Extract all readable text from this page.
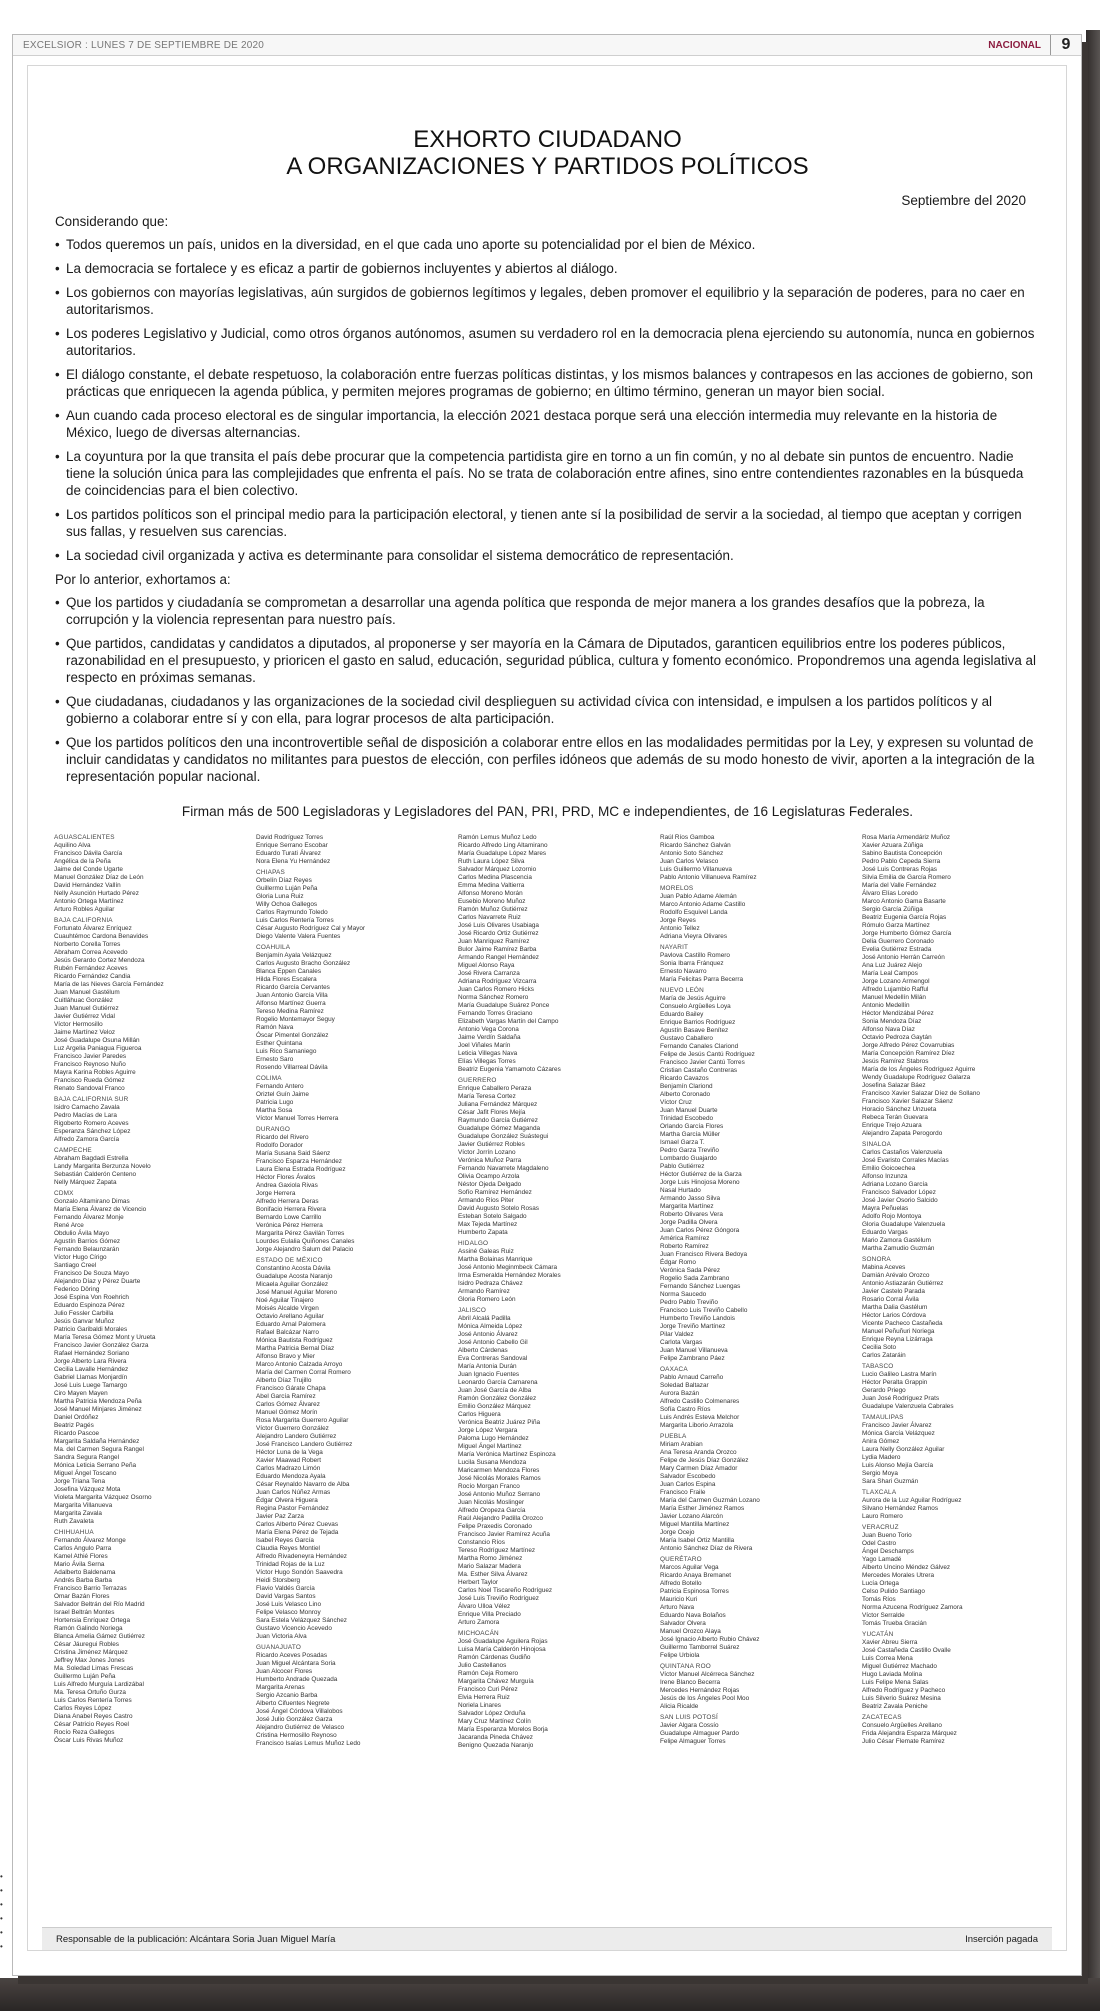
•
•
•
•
•
•
EXCELSIOR : LUNES 7 DE SEPTIEMBRE DE 2020	NACIONAL	9
EXHORTO CIUDADANO
A ORGANIZACIONES Y PARTIDOS POLÍTICOS
Septiembre del 2020

Considerando que:

• Todos queremos un país, unidos en la diversidad, en el que cada uno aporte su potencialidad por el bien de México.
• La democracia se fortalece y es eficaz a partir de gobiernos incluyentes y abiertos al diálogo.
• Los gobiernos con mayorías legislativas, aún surgidos de gobiernos legítimos y legales, deben promover el equilibrio y la separación de poderes, para no caer en autoritarismos.
• Los poderes Legislativo y Judicial, como otros órganos autónomos, asumen su verdadero rol en la democracia plena ejerciendo su autonomía, nunca en gobiernos autoritarios.
• El diálogo constante, el debate respetuoso, la colaboración entre fuerzas políticas distintas, y los mismos balances y contrapesos en las acciones de gobierno, son prácticas que enriquecen la agenda pública, y permiten mejores programas de gobierno; en último término, generan un mayor bien social.
• Aun cuando cada proceso electoral es de singular importancia, la elección 2021 destaca porque será una elección intermedia muy relevante en la historia de México, luego de diversas alternancias.
• La coyuntura por la que transita el país debe procurar que la competencia partidista gire en torno a un fin común, y no al debate sin puntos de encuentro. Nadie tiene la solución única para las complejidades que enfrenta el país. No se trata de colaboración entre afines, sino entre contendientes razonables en la búsqueda de coincidencias para el bien colectivo.
• Los partidos políticos son el principal medio para la participación electoral, y tienen ante sí la posibilidad de servir a la sociedad, al tiempo que aceptan y corrigen sus fallas, y resuelven sus carencias.
• La sociedad civil organizada y activa es determinante para consolidar el sistema democrático de representación.

Por lo anterior, exhortamos a:

• Que los partidos y ciudadanía se comprometan a desarrollar una agenda política que responda de mejor manera a los grandes desafíos que la pobreza, la corrupción y la violencia representan para nuestro país.
• Que partidos, candidatas y candidatos a diputados, al proponerse y ser mayoría en la Cámara de Diputados, garanticen equilibrios entre los poderes públicos, razonabilidad en el presupuesto, y prioricen el gasto en salud, educación, seguridad pública, cultura y fomento económico. Propondremos una agenda legislativa al respecto en próximas semanas.
• Que ciudadanas, ciudadanos y las organizaciones de la sociedad civil desplieguen su actividad cívica con intensidad, e impulsen a los partidos políticos y al gobierno a colaborar entre sí y con ella, para lograr procesos de alta participación.
• Que los partidos políticos den una incontrovertible señal de disposición a colaborar entre ellos en las modalidades permitidas por la Ley, y expresen su voluntad de incluir candidatas y candidatos no militantes para puestos de elección, con perfiles idóneos que además de su modo honesto de vivir, aporten a la integración de la representación popular nacional.
Firman más de 500 Legisladoras y Legisladores del PAN, PRI, PRD, MC e independientes, de 16 Legislaturas Federales.
AGUASCALIENTES
Aquilino Alva
Francisco Dávila García
Angélica de la Peña
Jaime del Conde Ugarte
Manuel González Díaz de León
David Hernández Vallín
Nelly Asunción Hurtado Pérez
Antonio Ortega Martínez
Arturo Robles Aguilar
BAJA CALIFORNIA
Fortunato Álvarez Enríquez
Cuauhtémoc Cardona Benavides
Norberto Corella Torres
Abraham Correa Acevedo
Jesús Gerardo Cortez Mendoza
Rubén Fernández Aceves
Ricardo Fernández Candia
María de las Nieves García Fernández
Juan Manuel Gastélum
Cuitláhuac González
Juan Manuel Gutiérrez
Javier Gutiérrez Vidal
Víctor Hermosillo
Jaime Martínez Veloz
José Guadalupe Osuna Millán
Luz Argelia Paniagua Figueroa
Francisco Javier Paredes
Francisco Reynoso Nuño
Mayra Karina Robles Aguirre
Francisco Rueda Gómez
Renato Sandoval Franco
BAJA CALIFORNIA SUR
Isidro Camacho Zavala
Pedro Macías de Lara
Rigoberto Romero Aceves
Esperanza Sánchez López
Alfredo Zamora García
CAMPECHE
Abraham Bagdadi Estrella
Landy Margarita Berzunza Novelo
Sebastián Calderón Centeno
Nelly Márquez Zapata
CDMX
Gonzalo Altamirano Dimas
María Elena Álvarez de Vicencio
Fernando Álvarez Monje
René Arce
Obdulio Ávila Mayo
Agustín Barrios Gómez
Fernando Belaunzarán
Víctor Hugo Círigo
Santiago Creel
Francisco De Souza Mayo
Alejandro Díaz y Pérez Duarte
Federico Döring
José Espina Von Roehrich
Eduardo Espinoza Pérez
Julio Fessler Carbilla
Jesús Ganvar Muñoz
Patricio Garibaldi Morales
María Teresa Gómez Mont y Urueta
Francisco Javier González Garza
Rafael Hernández Soriano
Jorge Alberto Lara Rivera
Cecilia Lavalle Hernández
Gabriel Llamas Monjardín
José Luis Luege Tamargo
Ciro Mayen Mayen
Martha Patricia Mendoza Peña
José Manuel Minjares Jiménez
Daniel Ordóñez
Beatriz Pagés
Ricardo Pascoe
Margarita Saldaña Hernández
Ma. del Carmen Segura Rangel
Sandra Segura Rangel
Mónica Leticia Serrano Peña
Miguel Ángel Toscano
Jorge Triana Tena
Josefina Vázquez Mota
Violeta Margarita Vázquez Osorno
Margarita Villanueva
Margarita Zavala
Ruth Zavaleta
CHIHUAHUA
Fernando Álvarez Monge
Carlos Angulo Parra
Kamel Athié Flores
Mario Ávila Serna
Adalberto Baldenama
Andrés Barba Barba
Francisco Barrio Terrazas
Omar Bazán Flores
Salvador Beltrán del Río Madrid
Israel Beltrán Montes
Hortensia Enríquez Ortega
Ramón Galindo Noriega
Blanca Amelia Gámez Gutiérrez
César Jáuregui Robles
Cristina Jiménez Márquez
Jeffrey Max Jones Jones
Ma. Soledad Limas Frescas
Guillermo Luján Peña
Luis Alfredo Murguía Lardizábal
Ma. Teresa Ortuño Gurza
Luis Carlos Rentería Torres
Carlos Reyes López
Diana Anabel Reyes Castro
César Patricio Reyes Roel
Rocío Reza Gallegos
Óscar Luis Rivas Muñoz
David Rodríguez Torres
Enrique Serrano Escobar
Eduardo Turati Álvarez
Nora Elena Yu Hernández
CHIAPAS
Orbelín Díaz Reyes
Guillermo Luján Peña
Gloria Luna Ruiz
Willy Ochoa Gallegos
Carlos Raymundo Toledo
Luis Carlos Rentería Torres
César Augusto Rodríguez Cal y Mayor
Diego Valente Valera Fuentes
COAHUILA
Benjamín Ayala Velázquez
Carlos Augusto Bracho González
Blanca Eppen Canales
Hilda Flores Escalera
Ricardo García Cervantes
Juan Antonio García Villa
Alfonso Martínez Guerra
Tereso Medina Ramírez
Rogelio Montemayor Seguy
Ramón Nava
Óscar Pimentel González
Esther Quintana
Luis Rico Samaniego
Ernesto Saro
Rosendo Villarreal Dávila
COLIMA
Fernando Antero
Oriztel Guín Jaime
Patricia Lugo
Martha Sosa
Víctor Manuel Torres Herrera
DURANGO
Ricardo del Rivero
Rodolfo Dorador
María Susana Said Sáenz
Francisco Esparza Hernández
Laura Elena Estrada Rodríguez
Héctor Flores Ávalos
Andrea Gaxiola Rivas
Jorge Herrera
Alfredo Herrera Deras
Bonifacio Herrera Rivera
Bernardo Lowe Carrillo
Verónica Pérez Herrera
Margarita Pérez Gavilán Torres
Lourdes Eulalia Quiñones Canales
Jorge Alejandro Salum del Palacio
ESTADO DE MÉXICO
Constantino Acosta Dávila
Guadalupe Acosta Naranjo
Micaela Aguilar González
José Manuel Aguilar Moreno
Noé Aguilar Tinajero
Moisés Alcalde Virgen
Octavio Arellano Aguilar
Eduardo Arnal Palomera
Rafael Balcázar Narro
Mónica Bautista Rodríguez
Martha Patricia Bernal Díaz
Alfonso Bravo y Mier
Marco Antonio Calzada Arroyo
María del Carmen Corral Romero
Alberto Díaz Trujillo
Francisco Gárate Chapa
Abel García Ramírez
Carlos Gómez Álvarez
Manuel Gómez Morín
Rosa Margarita Guerrero Aguilar
Víctor Guerrero González
Alejandro Landero Gutiérrez
José Francisco Landero Gutiérrez
Héctor Luna de la Vega
Xavier Maawad Robert
Carlos Madrazo Limón
Eduardo Mendoza Ayala
César Reynaldo Navarro de Alba
Juan Carlos Núñez Armas
Édgar Olvera Higuera
Regina Pastor Fernández
Javier Paz Zarza
Carlos Alberto Pérez Cuevas
María Elena Pérez de Tejada
Isabel Reyes García
Claudia Reyes Montiel
Alfredo Rivadeneyra Hernández
Trinidad Rojas de la Luz
Víctor Hugo Sondón Saavedra
Heidi Storsberg
Flavio Valdés García
David Vargas Santos
José Luis Velasco Lino
Felipe Velasco Monroy
Sara Estela Velázquez Sánchez
Gustavo Vicencio Acevedo
Juan Victoria Alva
GUANAJUATO
Ricardo Aceves Posadas
Juan Miguel Alcántara Soria
Juan Alcocer Flores
Humberto Andrade Quezada
Margarita Arenas
Sergio Azcanio Barba
Alberto Cifuentes Negrete
José Ángel Córdova Villalobos
José Julio González Garza
Alejandro Gutiérrez de Velasco
Cristina Hermosillo Reynoso
Francisco Isaías Lemus Muñoz Ledo
Ramón Lemus Muñoz Ledo
Ricardo Alfredo Ling Altamirano
María Guadalupe López Mares
Ruth Laura López Silva
Salvador Márquez Lozornio
Carlos Medina Plascencia
Emma Medina Valtierra
Alfonso Moreno Morán
Eusebio Moreno Muñoz
Ramón Muñoz Gutiérrez
Carlos Navarrete Ruiz
José Luis Olivares Usabiaga
José Ricardo Ortiz Gutiérrez
Juan Manriquez Ramírez
Bulor Jaime Ramírez Barba
Armando Rangel Hernández
Miguel Alonso Raya
José Rivera Carranza
Adriana Rodríguez Vizcarra
Juan Carlos Romero Hicks
Norma Sánchez Romero
María Guadalupe Suárez Ponce
Fernando Torres Graciano
Elizabeth Vargas Martín del Campo
Antonio Vega Corona
Jaime Verdín Saldaña
Joel Viñales Marín
Leticia Villegas Nava
Elías Villegas Torres
Beatriz Eugenia Yamamoto Cázares
GUERRERO
Enrique Caballero Peraza
María Teresa Cortez
Juliana Fernández Márquez
César Jafit Flores Mejía
Raymundo García Gutiérrez
Guadalupe Gómez Maganda
Guadalupe González Suástegui
Javier Gutiérrez Robles
Víctor Jorrín Lozano
Verónica Muñoz Parra
Fernando Navarrete Magdaleno
Olivia Ocampo Arzola
Néstor Ojeda Delgado
Sofío Ramírez Hernández
Armando Ríos Piter
David Augusto Sotelo Rosas
Esteban Sotelo Salgado
Max Tejeda Martínez
Humberto Zapata
HIDALGO
Assiné Galeas Ruiz
Martha Bolainas Manrique
José Antonio Meginmbeck Cámara
Irma Esmeralda Hernández Morales
Isidro Pedraza Chávez
Armando Ramírez
Gloria Romero León
JALISCO
Abril Alcalá Padilla
Mónica Almeida López
José Antonio Álvarez
José Antonio Cabello Gil
Alberto Cárdenas
Eva Contreras Sandoval
María Antonia Durán
Juan Ignacio Fuentes
Leonardo García Camarena
Juan José García de Alba
Ramón González González
Emilio González Márquez
Carlos Higuera
Verónica Beatriz Juárez Piña
Jorge López Vergara
Paloma Lugo Hernández
Miguel Ángel Martínez
María Verónica Martínez Espinoza
Lucila Susana Mendoza
Maricarmen Mendoza Flores
José Nicolás Morales Ramos
Rocío Morgan Franco
José Antonio Muñoz Serrano
Juan Nicolás Moslinger
Alfredo Oropeza García
Raúl Alejandro Padilla Orozco
Felipe Praxedis Coronado
Francisco Javier Ramírez Acuña
Constancio Ríos
Tereso Rodríguez Martínez
Martha Romo Jiménez
Mario Salazar Madera
Ma. Esther Silva Álvarez
Herbert Taylor
Carlos Noel Tiscareño Rodríguez
José Luis Treviño Rodríguez
Álvaro Ulloa Vélez
Enrique Villa Preciado
Arturo Zamora
MICHOACÁN
José Guadalupe Aguilera Rojas
Luisa María Calderón Hinojosa
Ramón Cárdenas Gudiño
Julio Castellanos
Ramón Ceja Romero
Margarita Chávez Murguía
Francisco Curi Pérez
Elvia Herrera Ruiz
Noriela Linares
Salvador López Orduña
Mary Cruz Martínez Colín
María Esperanza Morelos Borja
Jacaranda Pineda Chávez
Benigno Quezada Naranjo
Raúl Ríos Gamboa
Ricardo Sánchez Galván
Antonio Soto Sánchez
Juan Carlos Velasco
Luis Guillermo Villanueva
Pablo Antonio Villanueva Ramírez
MORELOS
Juan Pablo Adame Alemán
Marco Antonio Adame Castillo
Rodolfo Esquivel Landa
Jorge Reyes
Antonio Tellez
Adriana Vieyra Olivares
NAYARIT
Pavlova Castillo Romero
Sonia Ibarra Fránquez
Ernesto Navarro
María Felicitas Parra Becerra
NUEVO LEÓN
María de Jesús Aguirre
Consuelo Argüelles Loya
Eduardo Bailey
Enrique Barrios Rodríguez
Agustín Basave Benítez
Gustavo Caballero
Fernando Canales Clariond
Felipe de Jesús Cantú Rodríguez
Francisco Javier Cantú Torres
Cristian Castaño Contreras
Ricardo Cavazos
Benjamín Clariond
Alberto Coronado
Víctor Cruz
Juan Manuel Duarte
Trinidad Escobedo
Orlando García Flores
Martha García Müller
Ismael Garza T.
Pedro Garza Treviño
Lombardo Guajardo
Pablo Gutiérrez
Héctor Gutiérrez de la Garza
Jorge Luis Hinojosa Moreno
Nasal Hurtado
Armando Jasso Silva
Margarita Martínez
Roberto Olivares Vera
Jorge Padilla Olvera
Juan Carlos Pérez Góngora
América Ramírez
Roberto Ramírez
Juan Francisco Rivera Bedoya
Édgar Romo
Verónica Sada Pérez
Rogelio Sada Zambrano
Fernando Sánchez Luengas
Norma Saucedo
Pedro Pablo Treviño
Francisco Luis Treviño Cabello
Humberto Treviño Landois
Jorge Treviño Martínez
Pilar Valdez
Carlota Vargas
Juan Manuel Villanueva
Felipe Zambrano Páez
OAXACA
Pablo Arnaud Carreño
Soledad Baltazar
Aurora Bazán
Alfredo Castillo Colmenares
Sofía Castro Ríos
Luis Andrés Esteva Melchor
Margarita Liborio Arrazola
PUEBLA
Miriam Arabian
Ana Teresa Aranda Orozco
Felipe de Jesús Díaz González
Mary Carmen Díaz Amador
Salvador Escobedo
Juan Carlos Espina
Francisco Fraile
María del Carmen Guzmán Lozano
María Esther Jiménez Ramos
Javier Lozano Alarcón
Miguel Mantilla Martínez
Jorge Ocejo
María Isabel Ortiz Mantilla
Antonio Sánchez Díaz de Rivera
QUERÉTARO
Marcos Aguilar Vega
Ricardo Anaya Bremanet
Alfredo Botello
Patricia Espinosa Torres
Mauricio Kuri
Arturo Nava
Eduardo Nava Bolaños
Salvador Olvera
Manuel Orozco Alaya
José Ignacio Alberto Rubio Chávez
Guillermo Tamborrel Suárez
Felipe Urbiola
QUINTANA ROO
Víctor Manuel Alcérreca Sánchez
Irene Blanco Becerra
Mercedes Hernández Rojas
Jesús de los Ángeles Pool Moo
Alicia Ricalde
SAN LUIS POTOSÍ
Javier Algara Cossío
Guadalupe Almaguer Pardo
Felipe Almaguer Torres
Rosa María Armendáriz Muñoz
Xavier Azuara Zúñiga
Sabino Bautista Concepción
Pedro Pablo Cepeda Sierra
José Luis Contreras Rojas
Silvia Emilia de García Romero
María del Valle Fernández
Álvaro Elías Loredo
Marco Antonio Gama Basarte
Sergio García Zúñiga
Beatriz Eugenia García Rojas
Rómulo Garza Martínez
Jorge Humberto Gómez García
Delia Guerrero Coronado
Evelia Gutiérrez Estrada
José Antonio Herrán Carreón
Ana Luz Juárez Alejo
María Leal Campos
Jorge Lozano Armengol
Alfredo Lujambio Rafful
Manuel Medellín Milán
Antonio Medellín
Héctor Mendizábal Pérez
Sonia Mendoza Díaz
Alfonso Nava Díaz
Octavio Pedroza Gaytán
Jorge Alfredo Pérez Covarrubias
María Concepción Ramírez Díez
Jesús Ramírez Stabros
María de los Ángeles Rodríguez Aguirre
Wendy Guadalupe Rodríguez Galarza
Josefina Salazar Báez
Francisco Xavier Salazar Díez de Sollano
Francisco Xavier Salazar Sáenz
Horacio Sánchez Unzueta
Rebeca Terán Guevara
Enrique Trejo Azuara
Alejandro Zapata Perogordo
SINALOA
Carlos Castaños Valenzuela
José Evaristo Corrales Macías
Emilio Goicoechea
Alfonso Inzunza
Adriana Lozano García
Francisco Salvador López
José Javier Osorio Salcido
Mayra Peñuelas
Adolfo Rojo Montoya
Gloria Guadalupe Valenzuela
Eduardo Vargas
Mario Zamora Gastélum
Martha Zamudio Guzmán
SONORA
Mabina Aceves
Damián Arévalo Orozco
Antonio Astiazarán Gutiérrez
Javier Castelo Parada
Rosario Corral Ávila
Martha Dalia Gastélum
Héctor Larios Córdova
Vicente Pacheco Castañeda
Manuel Peñuñuri Noriega
Enrique Reyna Lizárraga
Cecilia Soto
Carlos Zataráin
TABASCO
Lucio Galileo Lastra Marín
Héctor Peralta Grappin
Gerardo Priego
Juan José Rodríguez Prats
Guadalupe Valenzuela Cabrales
TAMAULIPAS
Francisco Javier Álvarez
Mónica García Velázquez
Anira Gómez
Laura Nelly González Aguilar
Lydia Madero
Luis Alonso Mejía García
Sergio Moya
Sara Shari Guzmán
TLAXCALA
Aurora de la Luz Aguilar Rodríguez
Silvano Hernández Ramos
Lauro Romero
VERACRUZ
Juan Bueno Torio
Odel Castro
Ángel Deschamps
Yago Lamadé
Alberto Uncino Méndez Gálvez
Mercedes Morales Utrera
Lucía Ortega
Celso Pulido Santiago
Tomás Ríos
Norma Azucena Rodríguez Zamora
Víctor Serralde
Tomás Trueba Gracián
YUCATÁN
Xavier Abreu Sierra
José Castañeda Castillo Ovalle
Luis Correa Mena
Miguel Gutiérrez Machado
Hugo Laviada Molina
Luis Felipe Mena Salas
Alfredo Rodríguez y Pacheco
Luis Silverio Suárez Mesina
Beatriz Zavala Peniche
ZACATECAS
Consuelo Argüelles Arellano
Frida Alejandra Esparza Márquez
Julio César Flemate Ramírez
Responsable de la publicación: Alcántara Soria Juan Miguel María	Inserción pagada
